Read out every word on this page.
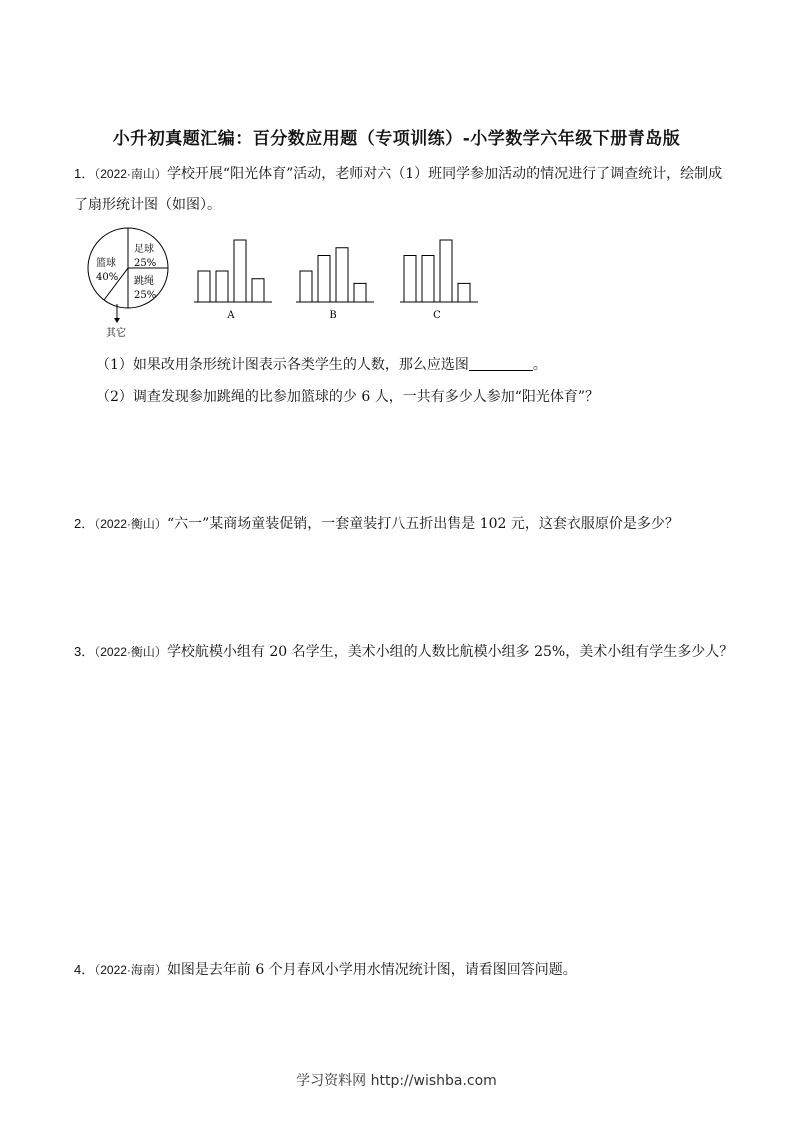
小升初真题汇编：百分数应用题（专项训练）-小学数学六年级下册青岛版
1．（2022·南山）学校开展“阳光体育”活动，老师对六（1）班同学参加活动的情况进行了调查统计，绘制成了扇形统计图（如图）。
篮球
40%
足球
25%
跳绳
25%
其它
A	B	C
（1）如果改用条形统计图表示各类学生的人数，那么应选图	。
（2）调查发现参加跳绳的比参加篮球的少 6 人，一共有多少人参加“阳光体育”？
2．（2022·衡山）“六一”某商场童装促销，一套童装打八五折出售是 102 元，这套衣服原价是多少？
3．（2022·衡山）学校航模小组有 20 名学生，美术小组的人数比航模小组多 25%，美术小组有学生多少人？
4．（2022·海南）如图是去年前 6 个月春风小学用水情况统计图，请看图回答问题。
学习资料网 http://wishba.com
